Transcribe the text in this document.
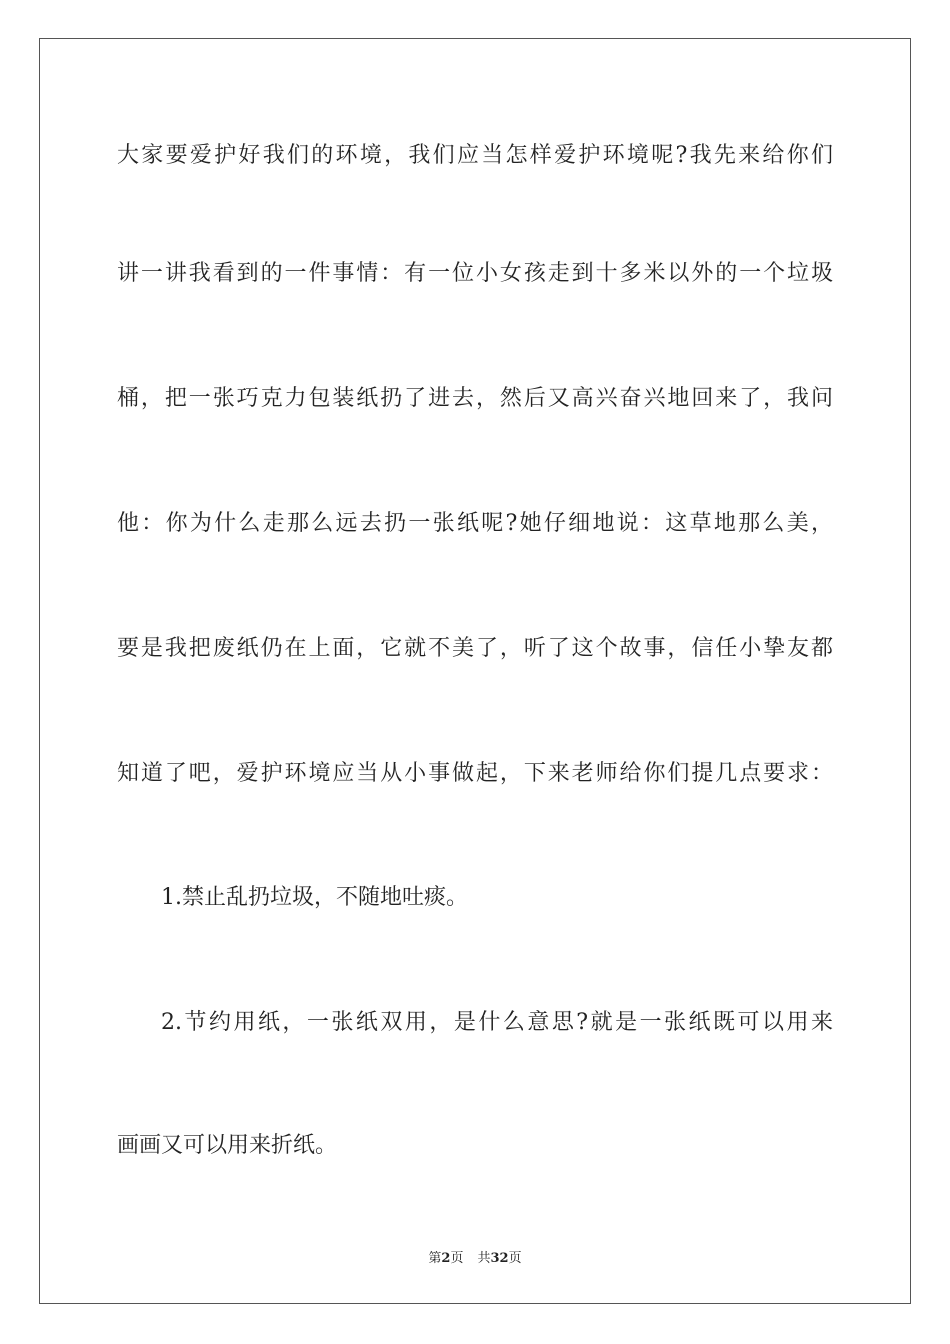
大家要爱护好我们的环境，我们应当怎样爱护环境呢?我先来给你们
讲一讲我看到的一件事情：有一位小女孩走到十多米以外的一个垃圾
桶，把一张巧克力包装纸扔了进去，然后又高兴奋兴地回来了，我问
他：你为什么走那么远去扔一张纸呢?她仔细地说：这草地那么美，
要是我把废纸仍在上面，它就不美了，听了这个故事，信任小挚友都
知道了吧，爱护环境应当从小事做起，下来老师给你们提几点要求：
1.禁止乱扔垃圾，不随地吐痰。
2.节约用纸，一张纸双用，是什么意思?就是一张纸既可以用来
画画又可以用来折纸。
第2页 共32页
